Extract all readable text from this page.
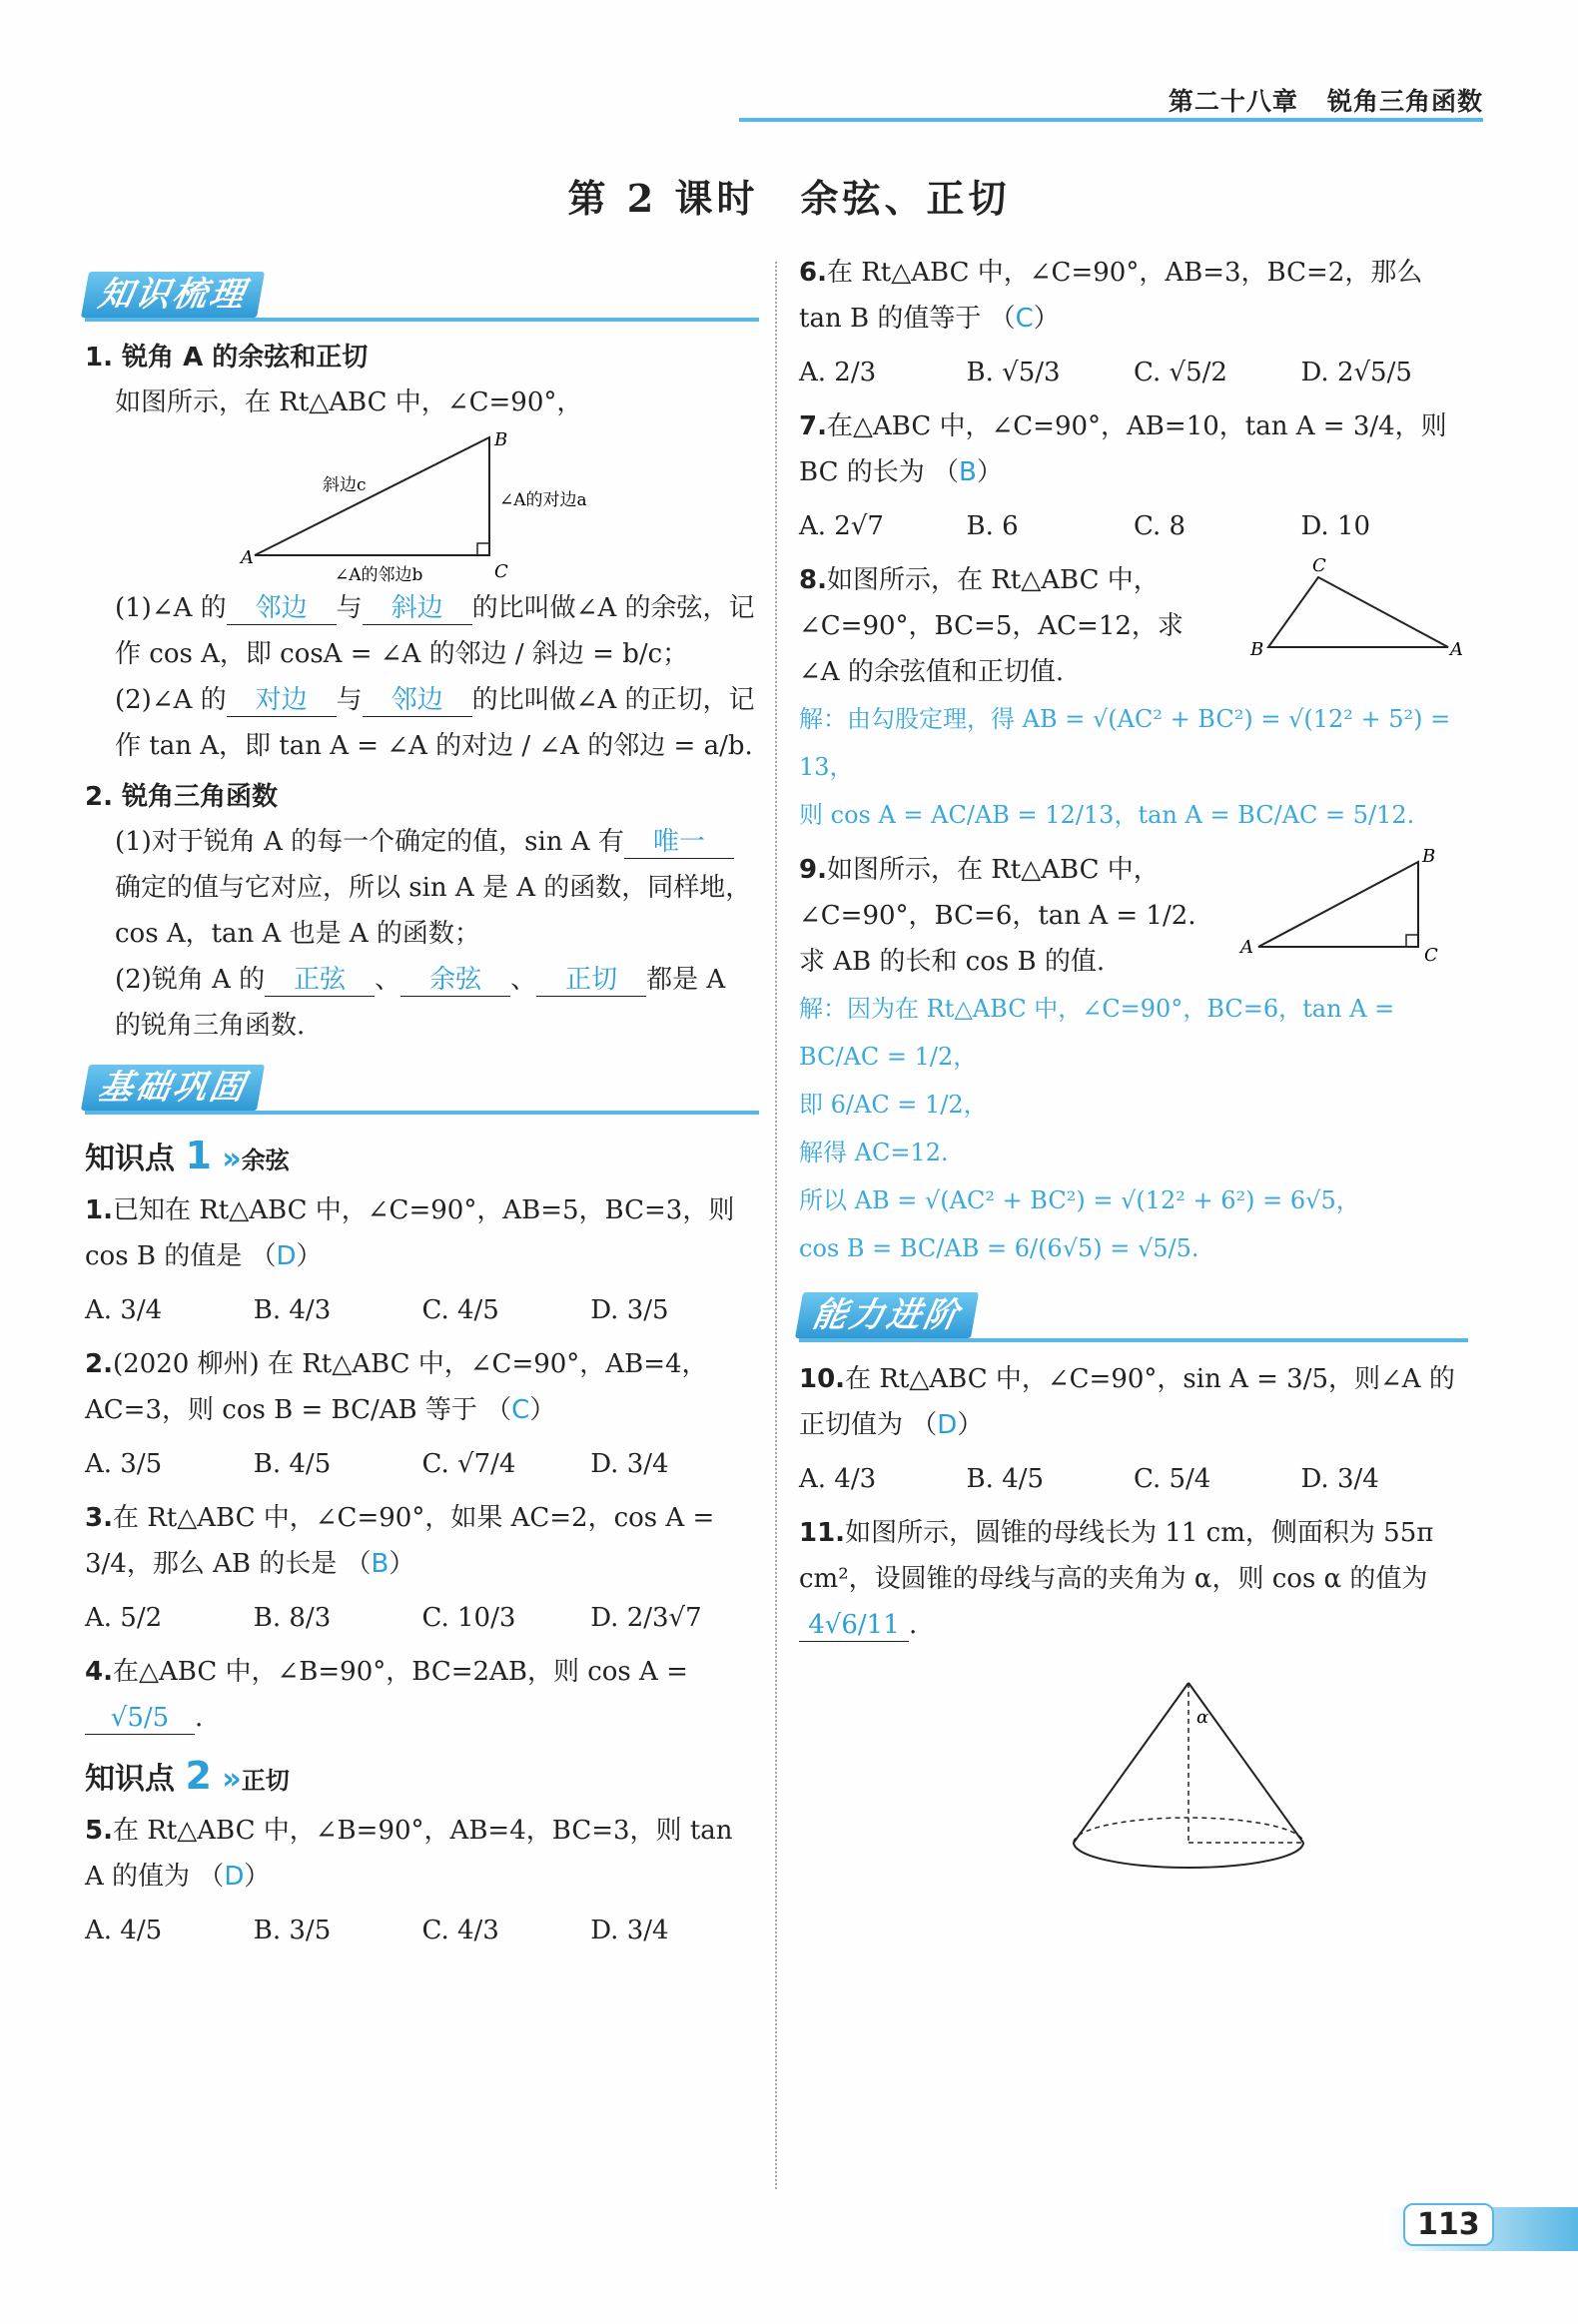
第二十八章 锐角三角函数
第 2 课时　余弦、正切
知识梳理
1. 锐角 A 的余弦和正切
如图所示，在 Rt△ABC 中，∠C=90°，
B
A
C
斜边c
∠A的对边a
∠A的邻边b
(1)∠A 的 邻边 与 斜边 的比叫做∠A 的余弦，记作 cos A，即 cosA = ∠A 的邻边 / 斜边 = b/c；
(2)∠A 的 对边 与 邻边 的比叫做∠A 的正切，记作 tan A，即 tan A = ∠A 的对边 / ∠A 的邻边 = a/b.
2. 锐角三角函数
(1)对于锐角 A 的每一个确定的值，sin A 有 唯一确定的值与它对应，所以 sin A 是 A 的函数，同样地，cos A，tan A 也是 A 的函数；
(2)锐角 A 的 正弦 、 余弦 、 正切 都是 A 的锐角三角函数.
基础巩固
知识点 1 »余弦
1.已知在 Rt△ABC 中，∠C=90°，AB=5，BC=3，则 cos B 的值是 （D）
A. 3/4	B. 4/3	C. 4/5	D. 3/5
2.(2020 柳州) 在 Rt△ABC 中，∠C=90°，AB=4，AC=3，则 cos B = BC/AB 等于 （C）
A. 3/5	B. 4/5	C. √7/4	D. 3/4
3.在 Rt△ABC 中，∠C=90°，如果 AC=2，cos A = 3/4，那么 AB 的长是 （B）
A. 5/2	B. 8/3	C. 10/3	D. 2/3√7
4.在△ABC 中，∠B=90°，BC=2AB，则 cos A = √5/5 .
知识点 2 »正切
5.在 Rt△ABC 中，∠B=90°，AB=4，BC=3，则 tan A 的值为 （D）
A. 4/5	B. 3/5	C. 4/3	D. 3/4
6.在 Rt△ABC 中，∠C=90°，AB=3，BC=2，那么 tan B 的值等于 （C）
A. 2/3	B. √5/3	C. √5/2	D. 2√5/5
7.在△ABC 中，∠C=90°，AB=10，tan A = 3/4，则 BC 的长为 （B）
A. 2√7	B. 6	C. 8	D. 10
8.如图所示，在 Rt△ABC 中，∠C=90°，BC=5，AC=12，求∠A 的余弦值和正切值.
C
B	A
解：由勾股定理，得 AB = √(AC² + BC²) = √(12² + 5²) = 13，
则 cos A = AC/AB = 12/13，tan A = BC/AC = 5/12.
9.如图所示，在 Rt△ABC 中，∠C=90°，BC=6，tan A = 1/2. 求 AB 的长和 cos B 的值.
B
A	C
解：因为在 Rt△ABC 中，∠C=90°，BC=6，tan A = BC/AC = 1/2，
即 6/AC = 1/2，
解得 AC=12.
所以 AB = √(AC² + BC²) = √(12² + 6²) = 6√5，
cos B = BC/AB = 6/(6√5) = √5/5.
能力进阶
10.在 Rt△ABC 中，∠C=90°，sin A = 3/5，则∠A 的正切值为 （D）
A. 4/3	B. 4/5	C. 5/4	D. 3/4
11.如图所示，圆锥的母线长为 11 cm，侧面积为 55π cm²，设圆锥的母线与高的夹角为 α，则 cos α 的值为 4√6/11 .
α
113
